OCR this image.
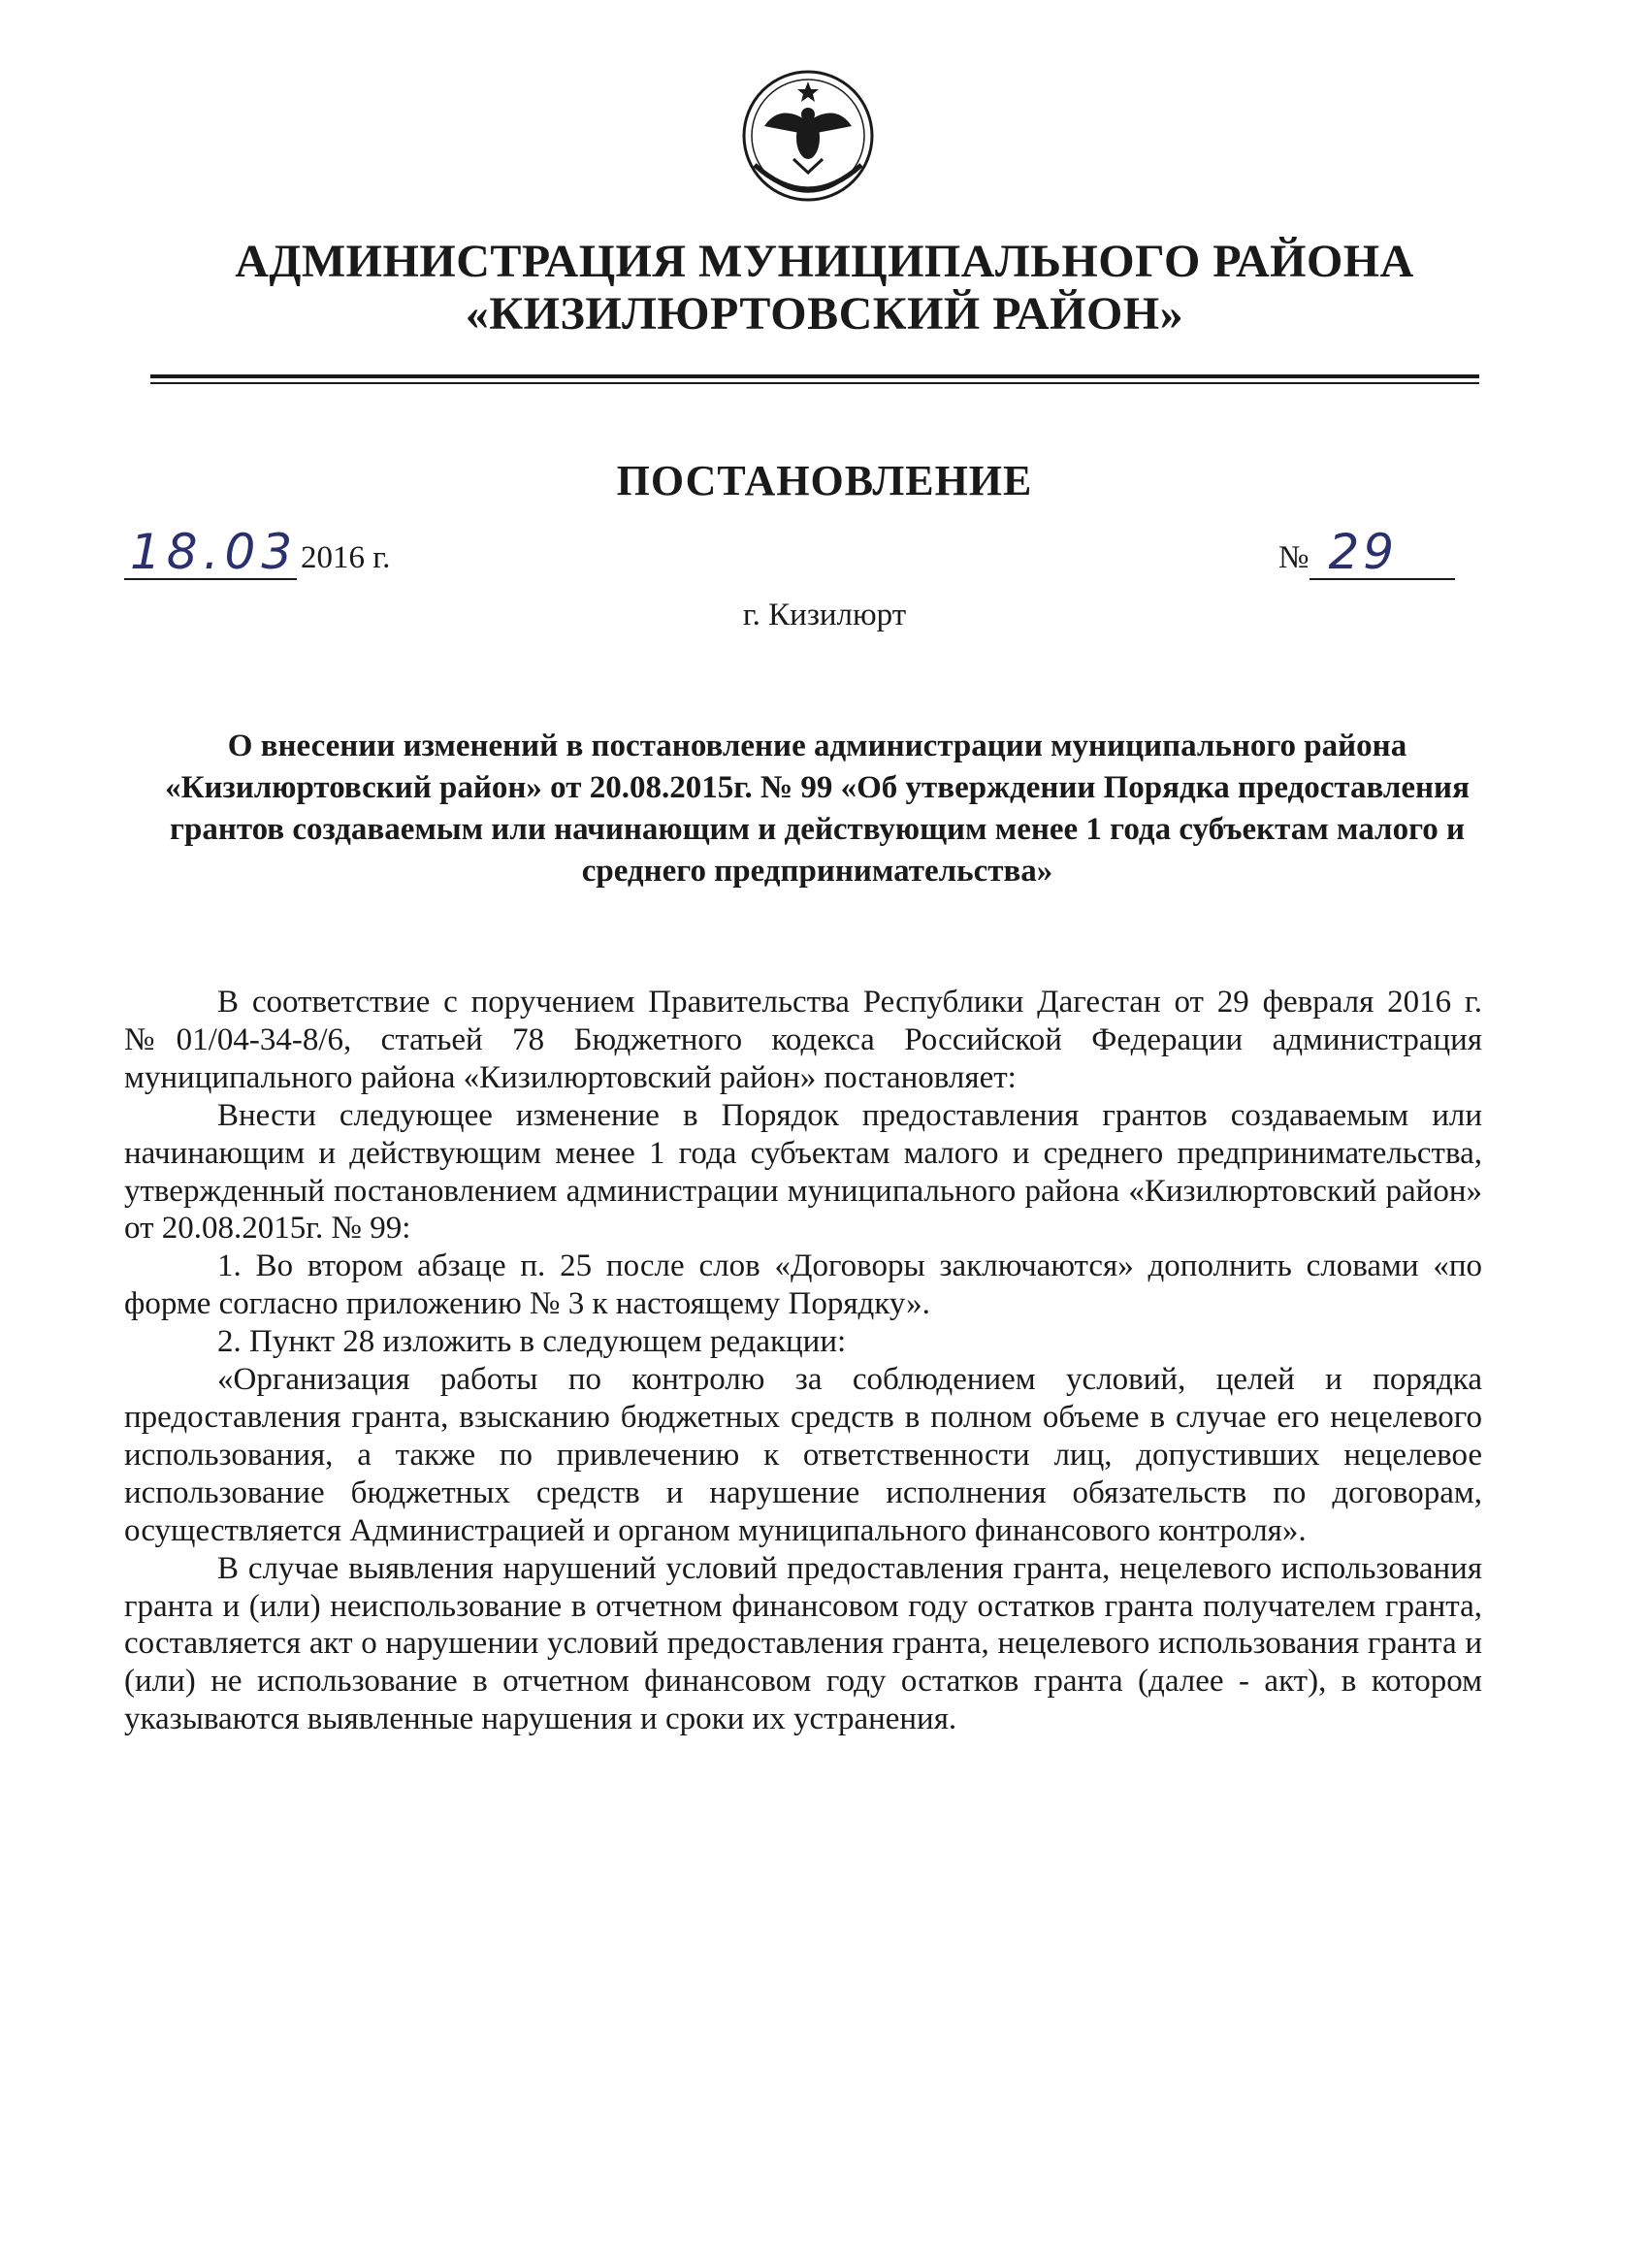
АДМИНИСТРАЦИЯ МУНИЦИПАЛЬНОГО РАЙОНА
«КИЗИЛЮРТОВСКИЙ РАЙОН»
ПОСТАНОВЛЕНИЕ
18.03 2016 г.	№ 29
г. Кизилюрт
О внесении изменений в постановление администрации муниципального района «Кизилюртовский район» от 20.08.2015г. № 99 «Об утверждении Порядка предоставления грантов создаваемым или начинающим и действующим менее 1 года субъектам малого и среднего предпринимательства»

В соответствие с поручением Правительства Республики Дагестан от 29 февраля 2016 г. №01/04-34-8/6, статьей 78 Бюджетного кодекса Российской Федерации администрация муниципального района «Кизилюртовский район» постановляет:

Внести следующее изменение в Порядок предоставления грантов создаваемым или начинающим и действующим менее 1 года субъектам малого и среднего предпринимательства, утвержденный постановлением администрации муниципального района «Кизилюртовский район» от 20.08.2015г. № 99:

1. Во втором абзаце п. 25 после слов «Договоры заключаются» дополнить словами «по форме согласно приложению № 3 к настоящему Порядку».

2. Пункт 28 изложить в следующем редакции:

«Организация работы по контролю за соблюдением условий, целей и порядка предоставления гранта, взысканию бюджетных средств в полном объеме в случае его нецелевого использования, а также по привлечению к ответственности лиц, допустивших нецелевое использование бюджетных средств и нарушение исполнения обязательств по договорам, осуществляется Администрацией и органом муниципального финансового контроля».

В случае выявления нарушений условий предоставления гранта, нецелевого использования гранта и (или) неиспользование в отчетном финансовом году остатков гранта получателем гранта, составляется акт о нарушении условий предоставления гранта, нецелевого использования гранта и (или) не использование в отчетном финансовом году остатков гранта (далее - акт), в котором указываются выявленные нарушения и сроки их устранения.
